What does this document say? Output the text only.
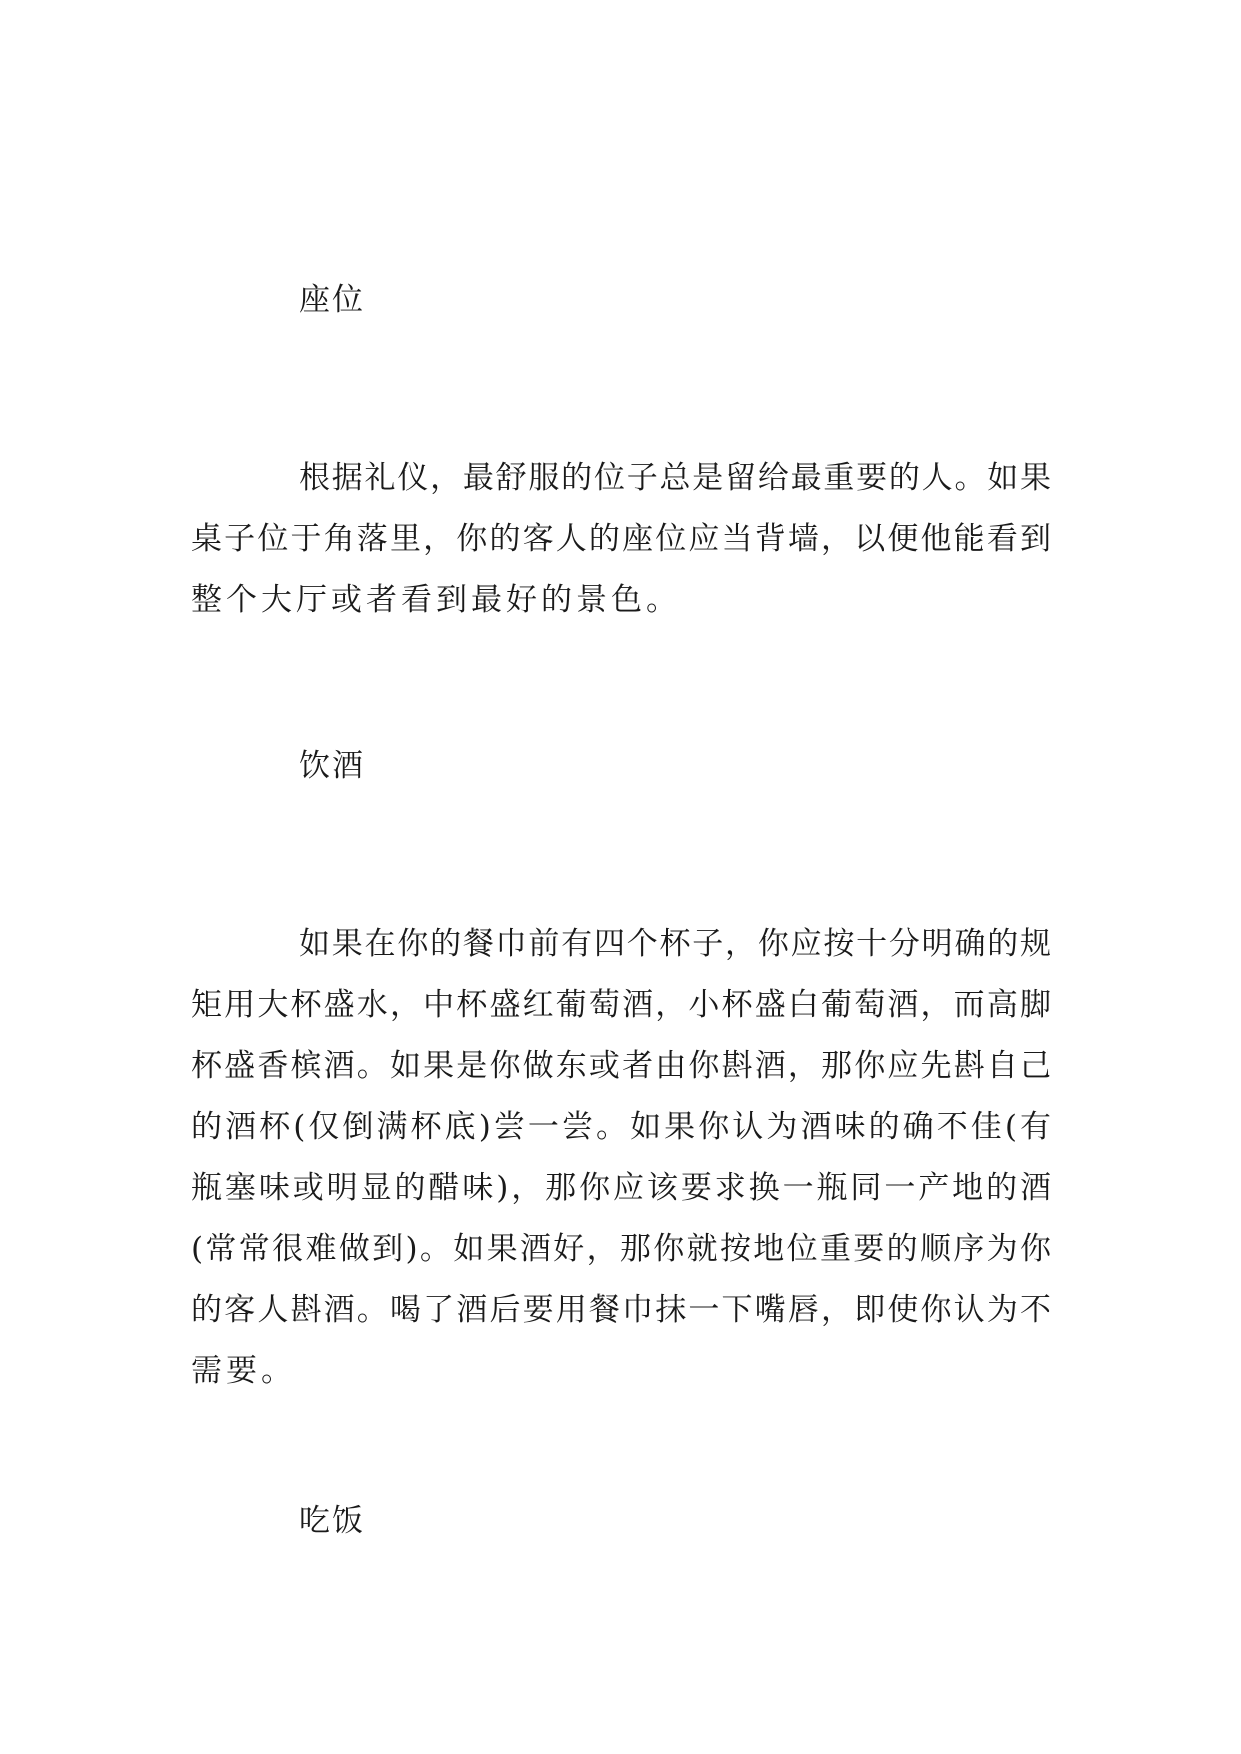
座位
根据礼仪，最舒服的位子总是留给最重要的人。如果
桌子位于角落里，你的客人的座位应当背墙，以便他能看到
整个大厅或者看到最好的景色。
饮酒
如果在你的餐巾前有四个杯子，你应按十分明确的规
矩用大杯盛水，中杯盛红葡萄酒，小杯盛白葡萄酒，而高脚
杯盛香槟酒。如果是你做东或者由你斟酒，那你应先斟自己
的酒杯(仅倒满杯底)尝一尝。如果你认为酒味的确不佳(有
瓶塞味或明显的醋味)，那你应该要求换一瓶同一产地的酒
(常常很难做到)。如果酒好，那你就按地位重要的顺序为你
的客人斟酒。喝了酒后要用餐巾抹一下嘴唇，即使你认为不
需要。
吃饭
